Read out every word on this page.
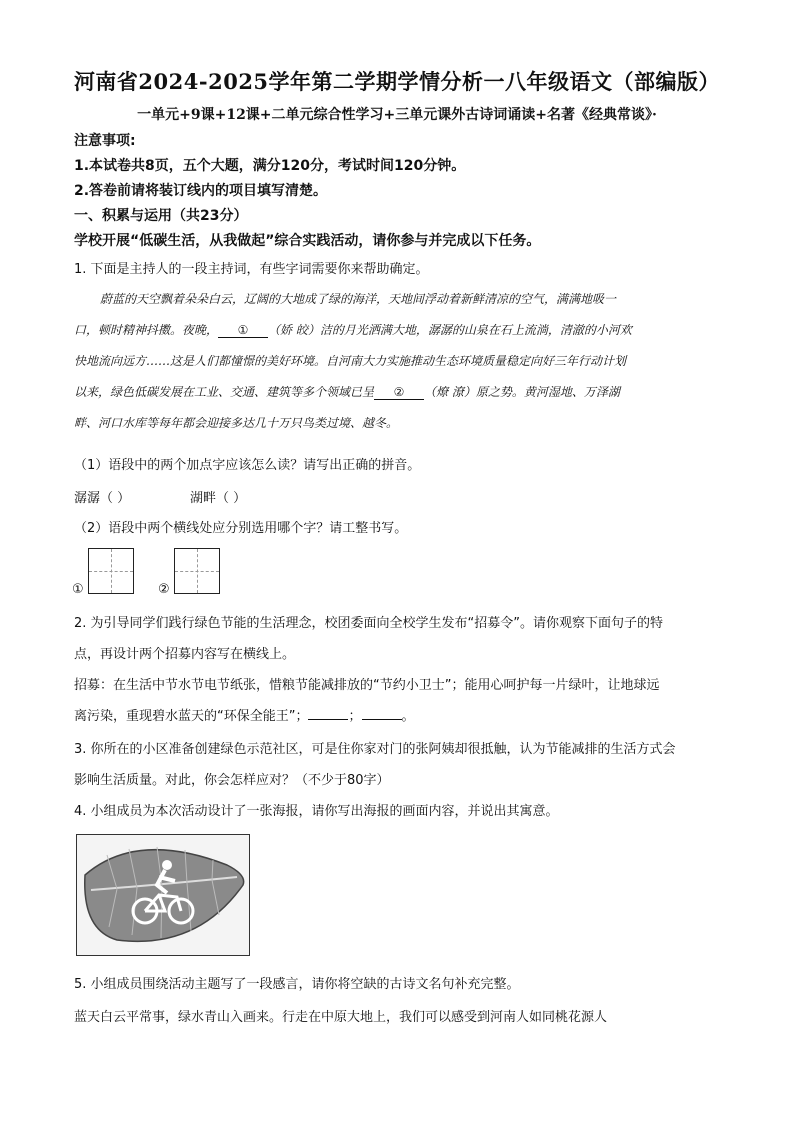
河南省2024-2025学年第二学期学情分析一八年级语文（部编版）
一单元+9课+12课+二单元综合性学习+三单元课外古诗词诵读+名著《经典常谈》·
注意事项:
1.本试卷共8页，五个大题，满分120分，考试时间120分钟。
2.答卷前请将装订线内的项目填写清楚。
一、积累与运用（共23分）
学校开展“低碳生活，从我做起”综合实践活动，请你参与并完成以下任务。
1. 下面是主持人的一段主持词，有些字词需要你来帮助确定。
蔚蓝的天空飘着朵朵白云，辽阔的大地成了绿的海洋，天地间浮动着新鲜清凉的空气，满满地吸一
口，顿时精神抖擞。夜晚， ① （娇 皎）洁的月光洒满大地，潺潺的山泉在石上流淌，清澈的小河欢
快地流向远方……这是人们都憧憬的美好环境。自河南大力实施推动生态环境质量稳定向好三年行动计划
以来，绿色低碳发展在工业、交通、建筑等多个领域已呈 ② （燎 潦）原之势。黄河湿地、万泽湖
畔、河口水库等每年都会迎接多达几十万只鸟类过境、越冬。
（1）语段中的两个加点字应该怎么读？请写出正确的拼音。
潺潺（ ）	湖畔（ ）
（2）语段中两个横线处应分别选用哪个字？请工整书写。
①	②
2. 为引导同学们践行绿色节能的生活理念，校团委面向全校学生发布“招募令”。请你观察下面句子的特
点，再设计两个招募内容写在横线上。
招募：在生活中节水节电节纸张，惜粮节能减排放的“节约小卫士”；能用心呵护每一片绿叶，让地球远
离污染，重现碧水蓝天的“环保全能王”；	；	。
3. 你所在的小区准备创建绿色示范社区，可是住你家对门的张阿姨却很抵触，认为节能减排的生活方式会
影响生活质量。对此，你会怎样应对？（不少于80字）
4. 小组成员为本次活动设计了一张海报，请你写出海报的画面内容，并说出其寓意。
5. 小组成员围绕活动主题写了一段感言，请你将空缺的古诗文名句补充完整。
蓝天白云平常事，绿水青山入画来。行走在中原大地上，我们可以感受到河南人如同桃花源人
